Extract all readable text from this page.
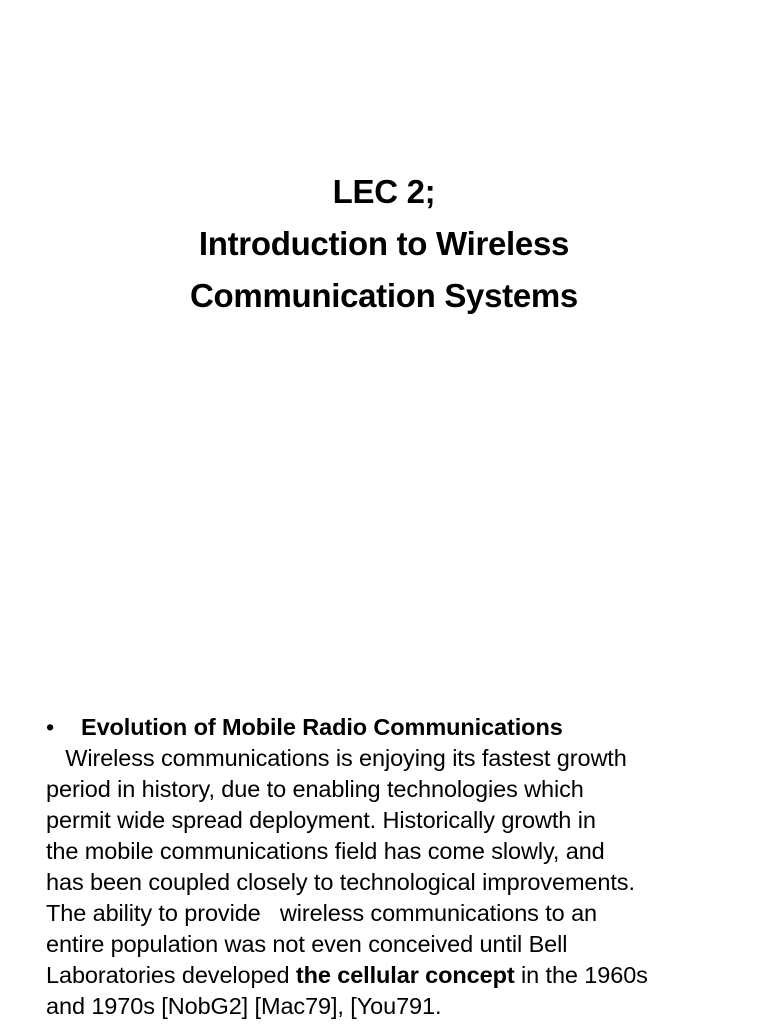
LEC 2;
Introduction to Wireless
Communication Systems
• Evolution of Mobile Radio Communications
Wireless communications is enjoying its fastest growth
period in history, due to enabling technologies which
permit wide spread deployment. Historically growth in
the mobile communications field has come slowly, and
has been coupled closely to technological improvements.
The ability to provide   wireless communications to an
entire population was not even conceived until Bell
Laboratories developed the cellular concept in the 1960s
and 1970s [NobG2] [Mac79], [You791.
